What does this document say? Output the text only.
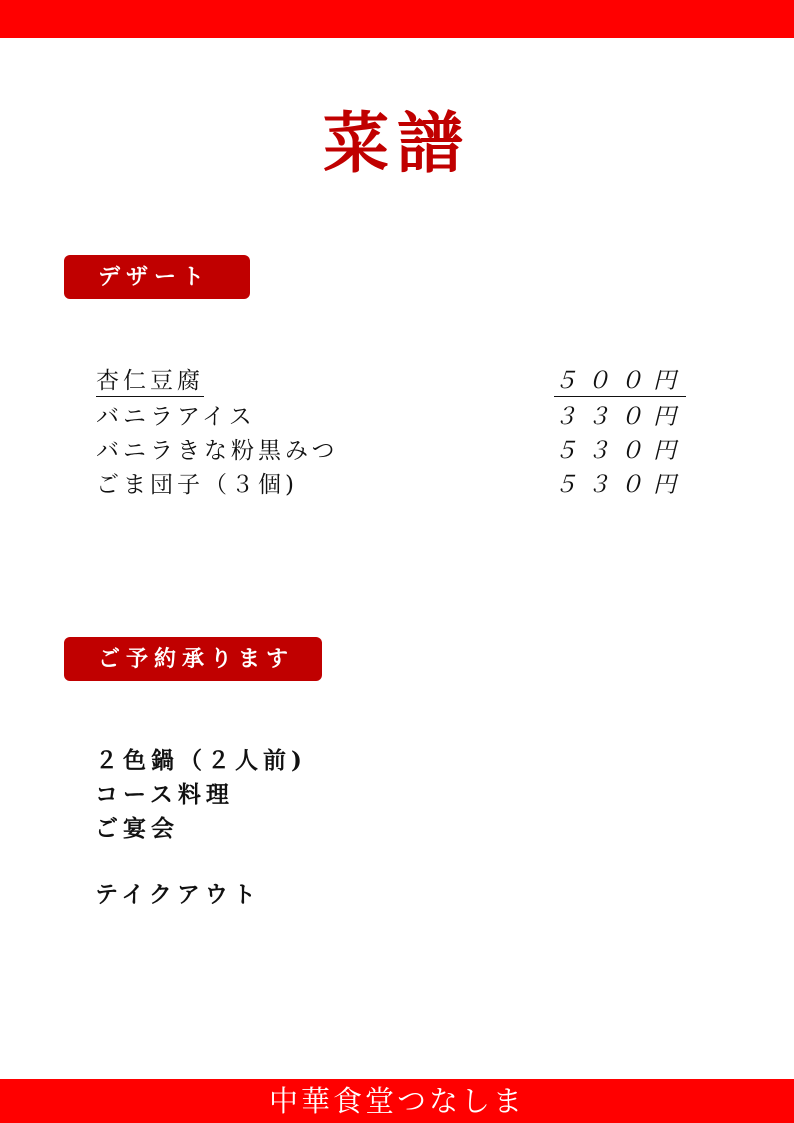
菜譜
デザート
杏仁豆腐	５００円
バニラアイス	３３０円
バニラきな粉黒みつ	５３０円
ごま団子（３個)	５３０円
ご予約承ります
２色鍋（２人前)
コース料理
ご宴会
テイクアウト
中華食堂つなしま
